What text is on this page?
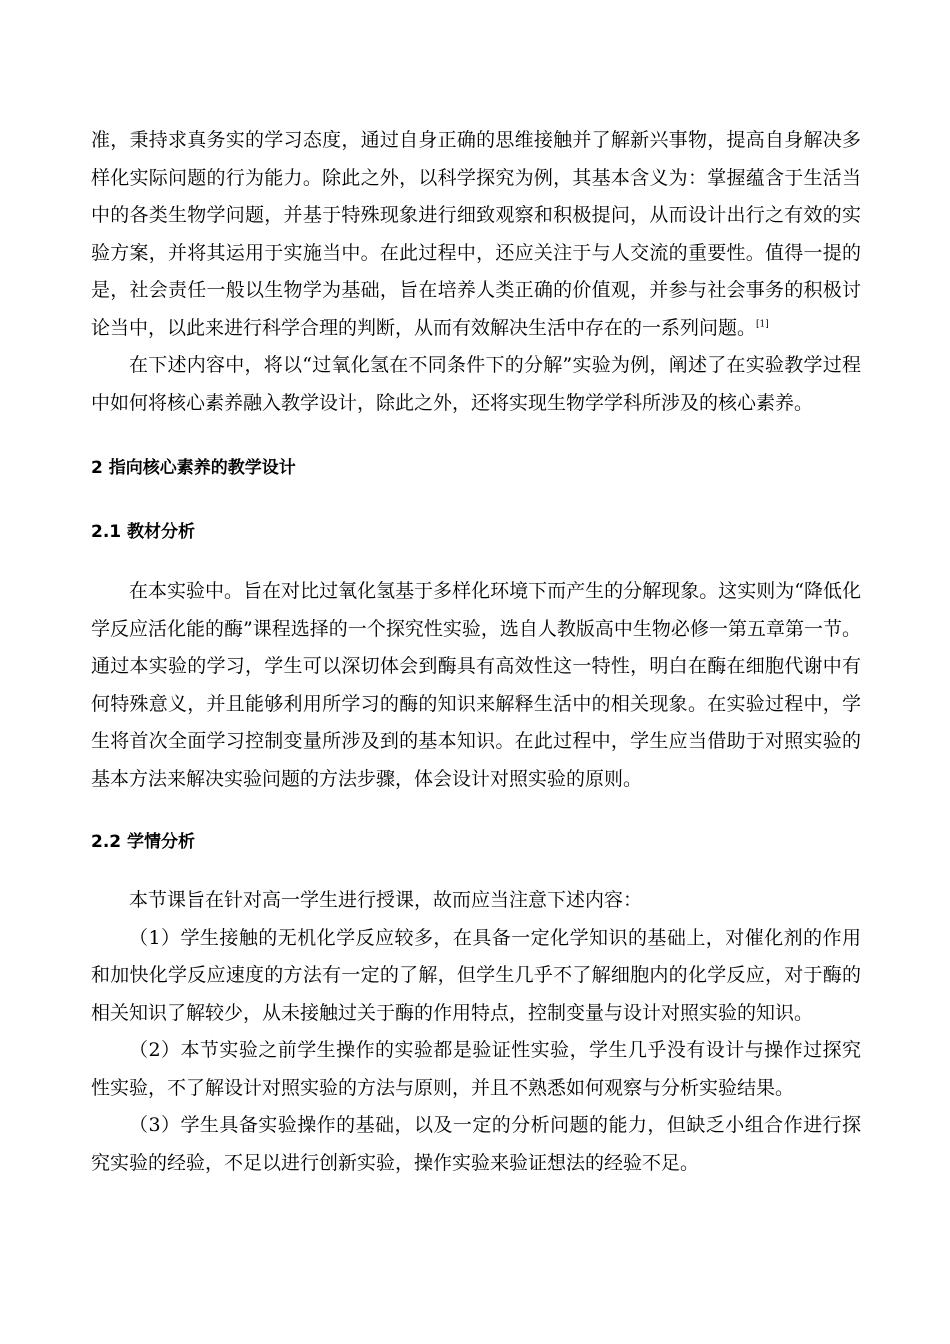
准，秉持求真务实的学习态度，通过自身正确的思维接触并了解新兴事物，提高自身解决多样化实际问题的行为能力。除此之外，以科学探究为例，其基本含义为：掌握蕴含于生活当中的各类生物学问题，并基于特殊现象进行细致观察和积极提问，从而设计出行之有效的实验方案，并将其运用于实施当中。在此过程中，还应关注于与人交流的重要性。值得一提的是，社会责任一般以生物学为基础，旨在培养人类正确的价值观，并参与社会事务的积极讨论当中，以此来进行科学合理的判断，从而有效解决生活中存在的一系列问题。[1]

在下述内容中，将以“过氧化氢在不同条件下的分解”实验为例，阐述了在实验教学过程中如何将核心素养融入教学设计，除此之外，还将实现生物学学科所涉及的核心素养。

2 指向核心素养的教学设计
2.1 教材分析

在本实验中。旨在对比过氧化氢基于多样化环境下而产生的分解现象。这实则为“降低化学反应活化能的酶”课程选择的一个探究性实验，选自人教版高中生物必修一第五章第一节。通过本实验的学习，学生可以深切体会到酶具有高效性这一特性，明白在酶在细胞代谢中有何特殊意义，并且能够利用所学习的酶的知识来解释生活中的相关现象。在实验过程中，学生将首次全面学习控制变量所涉及到的基本知识。在此过程中，学生应当借助于对照实验的基本方法来解决实验问题的方法步骤，体会设计对照实验的原则。

2.2 学情分析

本节课旨在针对高一学生进行授课，故而应当注意下述内容：

（1）学生接触的无机化学反应较多，在具备一定化学知识的基础上，对催化剂的作用和加快化学反应速度的方法有一定的了解，但学生几乎不了解细胞内的化学反应，对于酶的相关知识了解较少，从未接触过关于酶的作用特点，控制变量与设计对照实验的知识。

（2）本节实验之前学生操作的实验都是验证性实验，学生几乎没有设计与操作过探究性实验，不了解设计对照实验的方法与原则，并且不熟悉如何观察与分析实验结果。

（3）学生具备实验操作的基础，以及一定的分析问题的能力，但缺乏小组合作进行探究实验的经验，不足以进行创新实验，操作实验来验证想法的经验不足。
